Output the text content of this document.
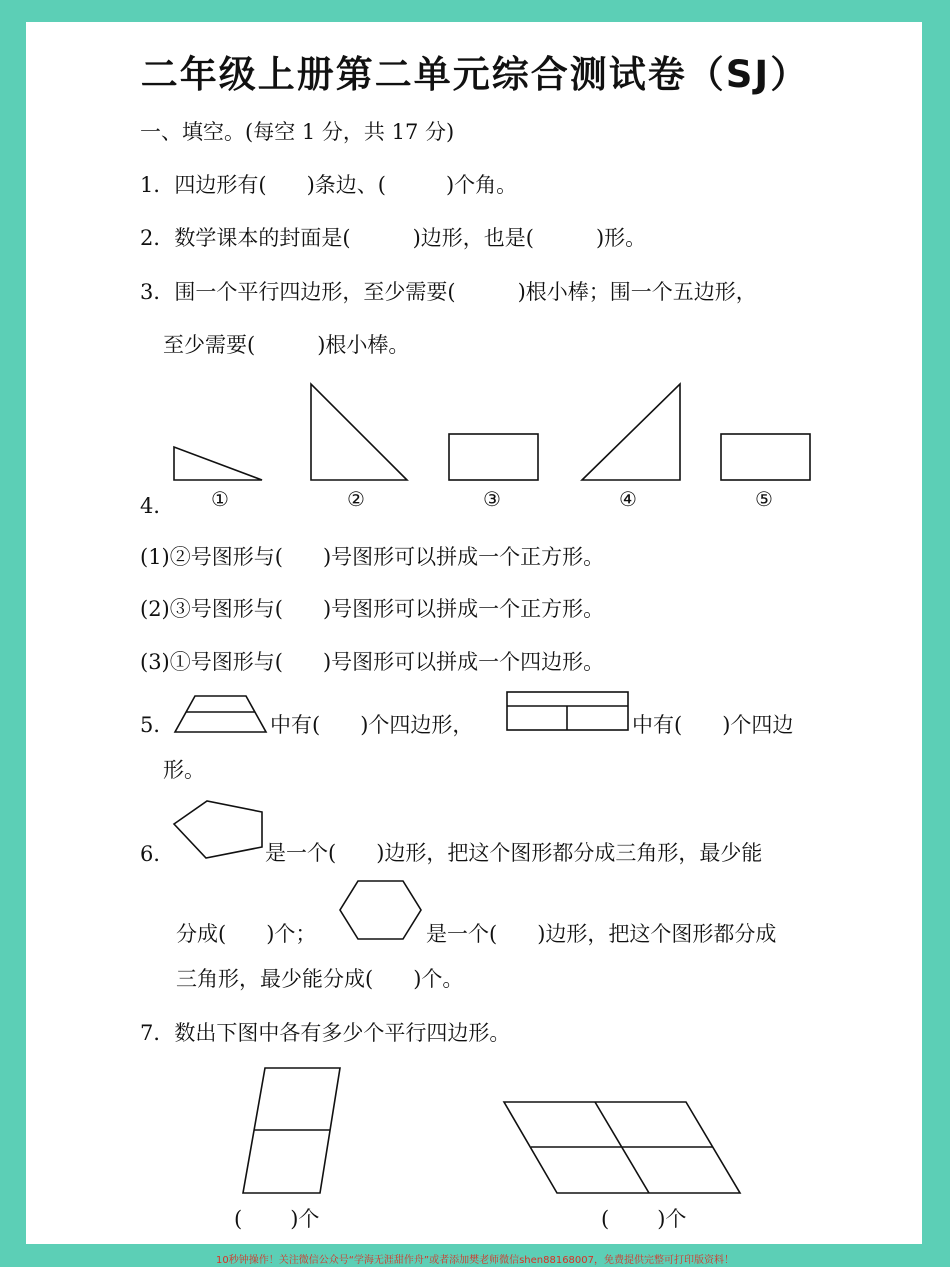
二年级上册第二单元综合测试卷（SJ）
一、填空。(每空 1 分，共 17 分)
1．四边形有( )条边、(	)个角。
2．数学课本的封面是(	)边形，也是(	)形。
3．围一个平行四边形，至少需要(	)根小棒；围一个五边形，
至少需要(	)根小棒。
①	②	③	④	⑤
4．
(1)②号图形与( )号图形可以拼成一个正方形。
(2)③号图形与( )号图形可以拼成一个正方形。
(3)①号图形与( )号图形可以拼成一个四边形。
5．	中有( )个四边形，	中有( )个四边
形。
6．	是一个( )边形，把这个图形都分成三角形，最少能
分成( )个；	是一个( )边形，把这个图形都分成
三角形，最少能分成( )个。
7．数出下图中各有多少个平行四边形。
( )个	( )个
10秒钟操作！关注微信公众号“学海无涯甜作舟”或者添加樊老师微信shen88168007，免费提供完整可打印版资料！
